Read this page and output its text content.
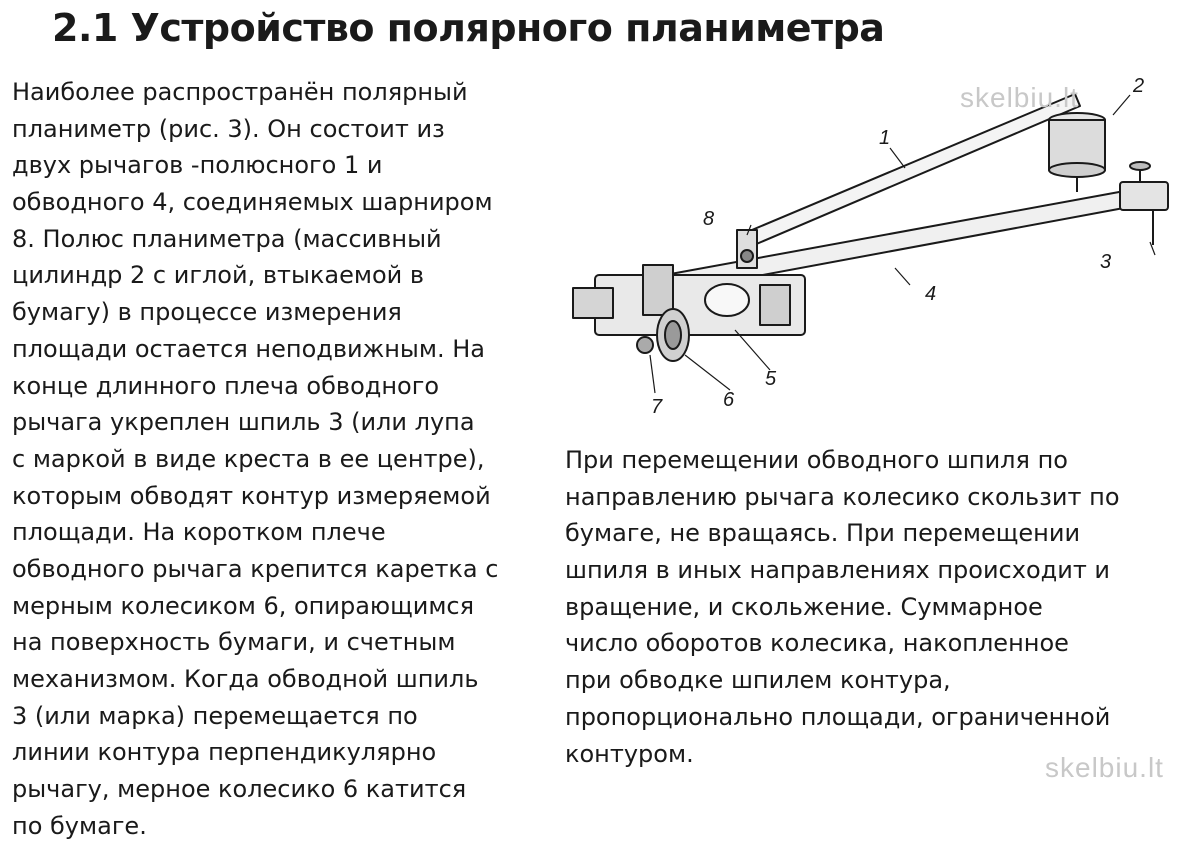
2.1 Устройство полярного планиметра
Наиболее распространён полярный
планиметр (рис. 3). Он состоит из
двух рычагов -полюсного 1 и
обводного 4, соединяемых шарниром
8. Полюс планиметра (массивный
цилиндр 2 с иглой, втыкаемой в
бумагу) в процессе измерения
площади остается неподвижным. На
конце длинного плеча обводного
рычага укреплен шпиль 3 (или лупа
с маркой в виде креста в ее центре),
которым обводят контур измеряемой
площади. На коротком плече
обводного рычага крепится каретка с
мерным колесиком 6, опирающимся
на поверхность бумаги, и счетным
механизмом. Когда обводной шпиль
3 (или марка) перемещается по
линии контура перпендикулярно
рычагу, мерное колесико 6 катится
по бумаге.
1
2
3
4
5
6
7
8
skelbiu.lt
skelbiu.lt
При перемещении обводного шпиля по
направлению рычага колесико скользит по
бумаге, не вращаясь. При перемещении
шпиля в иных направлениях происходит и
вращение, и скольжение. Суммарное
число оборотов колесика, накопленное
при обводке шпилем контура,
пропорционально площади, ограниченной
контуром.
